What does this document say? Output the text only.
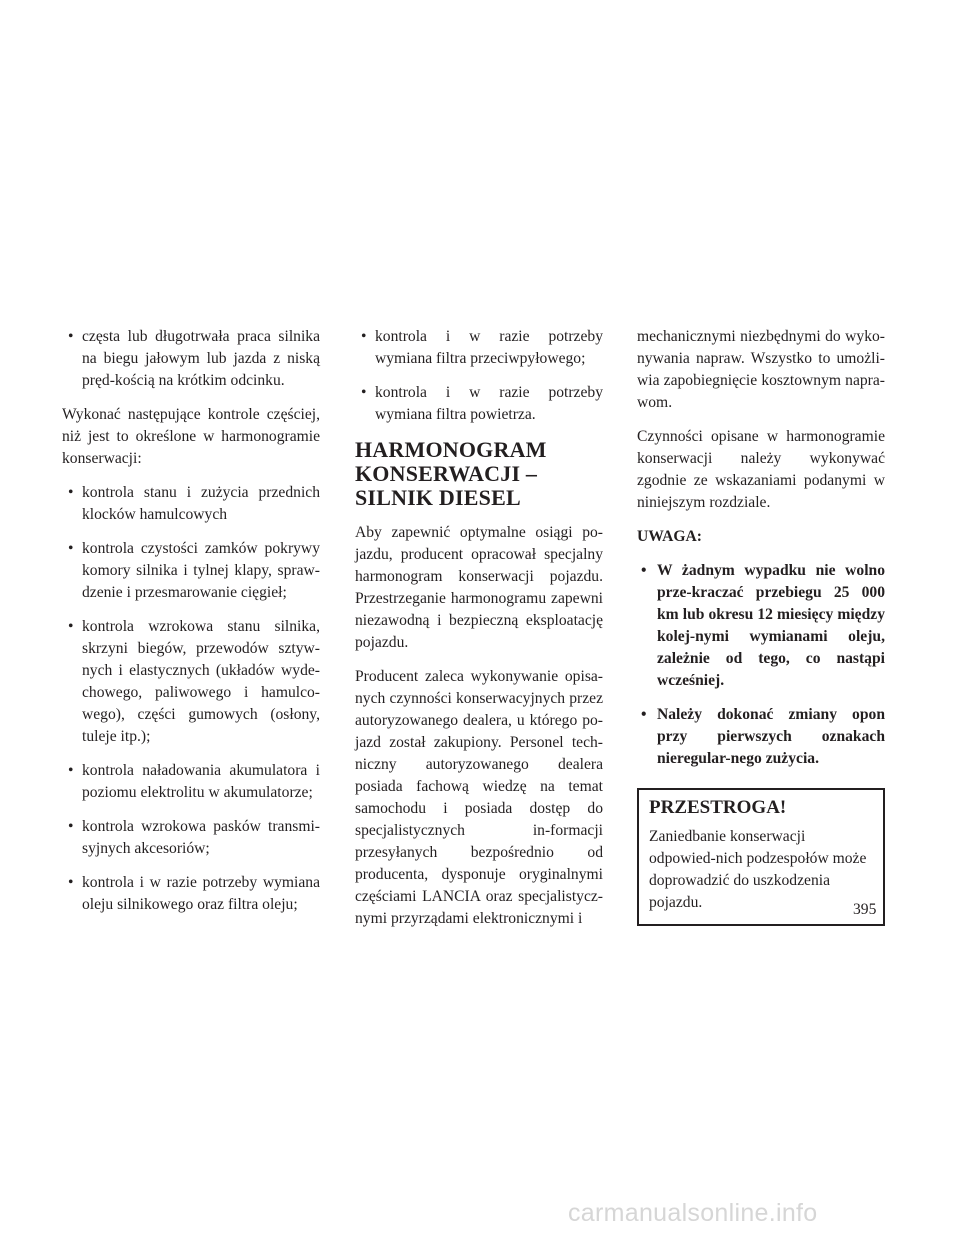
• częsta lub długotrwała praca silnika na biegu jałowym lub jazda z niską pręd-kością na krótkim odcinku.

Wykonać następujące kontrole częściej, niż jest to określone w harmonogramie konserwacji:

• kontrola stanu i zużycia przednich klocków hamulcowych
• kontrola czystości zamków pokrywy komory silnika i tylnej klapy, spraw-dzenie i przesmarowanie cięgieł;
• kontrola wzrokowa stanu silnika, skrzyni biegów, przewodów sztyw-nych i elastycznych (układów wyde-chowego, paliwowego i hamulco-wego), części gumowych (osłony, tuleje itp.);
• kontrola naładowania akumulatora i poziomu elektrolitu w akumulatorze;
• kontrola wzrokowa pasków transmi-syjnych akcesoriów;
• kontrola i w razie potrzeby wymiana oleju silnikowego oraz filtra oleju;
• kontrola i w razie potrzeby wymiana filtra przeciwpyłowego;
• kontrola i w razie potrzeby wymiana filtra powietrza.
HARMONOGRAM KONSERWACJI – SILNIK DIESEL

Aby zapewnić optymalne osiągi po-jazdu, producent opracował specjalny harmonogram konserwacji pojazdu. Przestrzeganie harmonogramu zapewni niezawodną i bezpieczną eksploatację pojazdu.

Producent zaleca wykonywanie opisa-nych czynności konserwacyjnych przez autoryzowanego dealera, u którego po-jazd został zakupiony. Personel tech-niczny autoryzowanego dealera posiada fachową wiedzę na temat samochodu i posiada dostęp do specjalistycznych in-formacji przesyłanych bezpośrednio od producenta, dysponuje oryginalnymi częściami LANCIA oraz specjalistycz-nymi przyrządami elektronicznymi i

mechanicznymi niezbędnymi do wyko-nywania napraw. Wszystko to umożli-wia zapobiegnięcie kosztownym napra-wom.

Czynności opisane w harmonogramie konserwacji należy wykonywać zgodnie ze wskazaniami podanymi w niniejszym rozdziale.

UWAGA:
• W żadnym wypadku nie wolno prze-kraczać przebiegu 25 000 km lub okresu 12 miesięcy między kolej-nymi wymianami oleju, zależnie od tego, co nastąpi wcześniej.
• Należy dokonać zmiany opon przy pierwszych oznakach nieregular-nego zużycia.
PRZESTROGA!

Zaniedbanie konserwacji odpowied-nich podzespołów może doprowadzić do uszkodzenia pojazdu.	395
carmanualsonline.info
